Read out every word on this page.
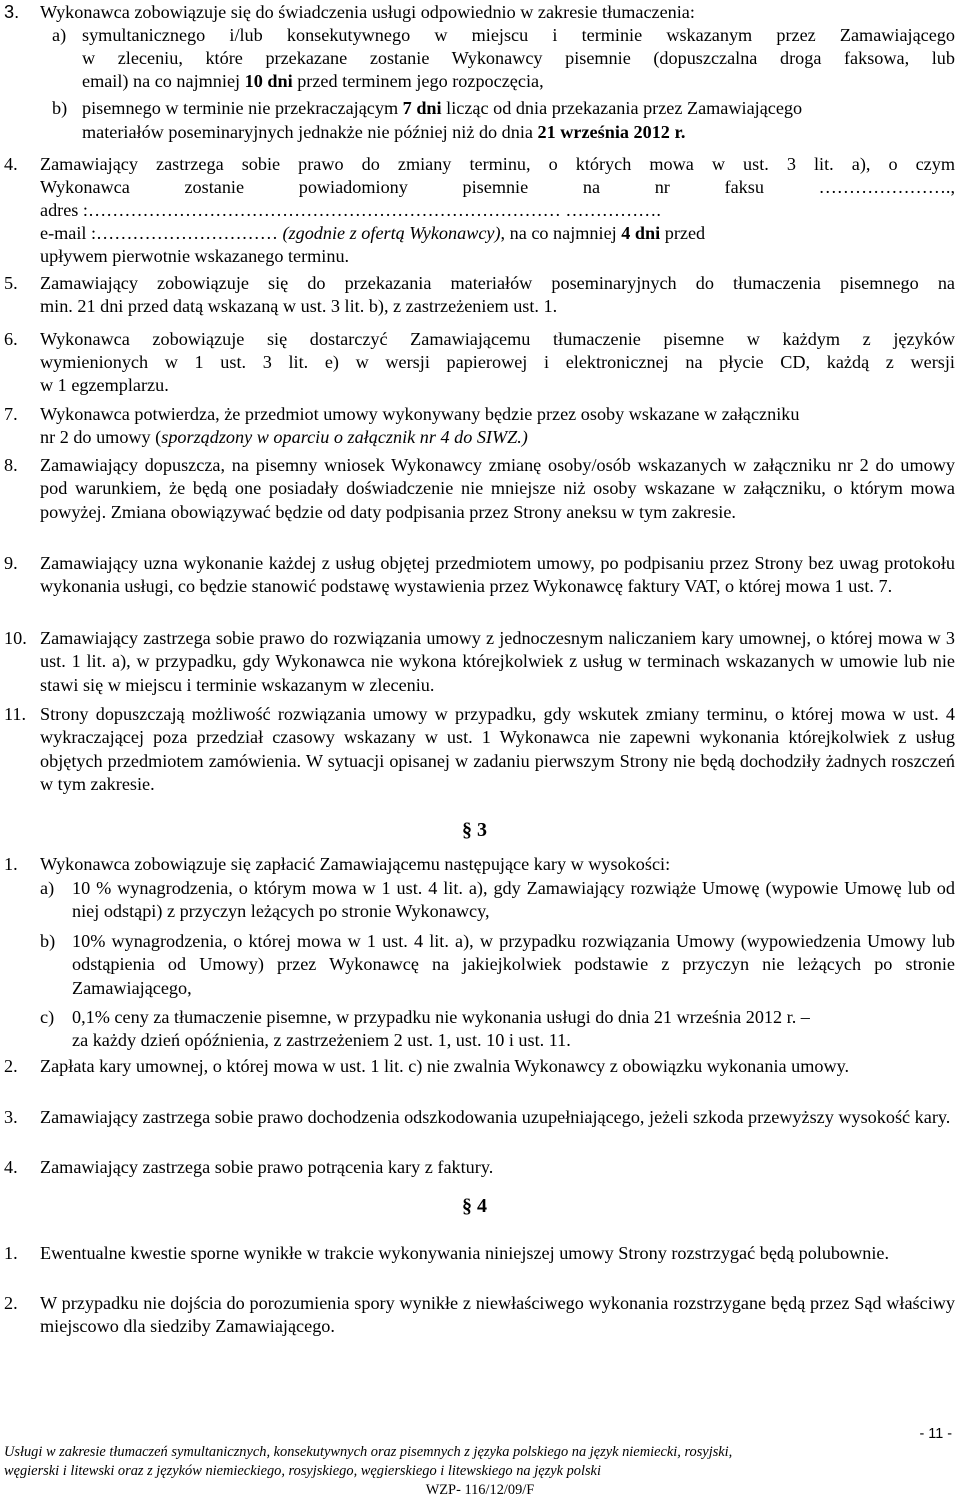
3. Wykonawca zobowiązuje się do świadczenia usługi odpowiednio w zakresie tłumaczenia:
a) symultanicznego i/lub konsekutywnego w miejscu i terminie wskazanym przez Zamawiającego
w zleceniu, które przekazane zostanie Wykonawcy pisemnie (dopuszczalna droga faksowa, lub
email) na co najmniej 10 dni przed terminem jego rozpoczęcia,
b) pisemnego w terminie nie przekraczającym 7 dni licząc od dnia przekazania przez Zamawiającego
materiałów poseminaryjnych jednakże nie później niż do dnia 21 września 2012 r.
4. Zamawiający zastrzega sobie prawo do zmiany terminu, o których mowa w ust. 3 lit. a), o czym
Wykonawca zostanie powiadomiony pisemnie na nr faksu ………………….,
adres :…………………………………………………………………… …………….
e-mail :………………………… (zgodnie z ofertą Wykonawcy), na co najmniej 4 dni przed
upływem pierwotnie wskazanego terminu.
5. Zamawiający zobowiązuje się do przekazania materiałów poseminaryjnych do tłumaczenia pisemnego na
min. 21 dni przed datą wskazaną w ust. 3 lit. b), z zastrzeżeniem ust. 1.
6. Wykonawca zobowiązuje się dostarczyć Zamawiającemu tłumaczenie pisemne w każdym z języków
wymienionych w 1 ust. 3 lit. e) w wersji papierowej i elektronicznej na płycie CD, każdą z wersji
w 1 egzemplarzu.
7. Wykonawca potwierdza, że przedmiot umowy wykonywany będzie przez osoby wskazane w załączniku
nr 2 do umowy (sporządzony w oparciu o załącznik nr 4 do SIWZ.)
8. Zamawiający dopuszcza, na pisemny wniosek Wykonawcy zmianę osoby/osób wskazanych w załączniku nr 2 do umowy pod warunkiem, że będą one posiadały doświadczenie nie mniejsze niż osoby wskazane w załączniku, o którym mowa powyżej. Zmiana obowiązywać będzie od daty podpisania przez Strony aneksu w tym zakresie.
9. Zamawiający uzna wykonanie każdej z usług objętej przedmiotem umowy, po podpisaniu przez Strony bez uwag protokołu wykonania usługi, co będzie stanowić podstawę wystawienia przez Wykonawcę faktury VAT, o której mowa 1 ust. 7.
10. Zamawiający zastrzega sobie prawo do rozwiązania umowy z jednoczesnym naliczaniem kary umownej, o której mowa w 3 ust. 1 lit. a), w przypadku, gdy Wykonawca nie wykona którejkolwiek z usług w terminach wskazanych w umowie lub nie stawi się w miejscu i terminie wskazanym w zleceniu.
11. Strony dopuszczają możliwość rozwiązania umowy w przypadku, gdy wskutek zmiany terminu, o której mowa w ust. 4 wykraczającej poza przedział czasowy wskazany w ust. 1 Wykonawca nie zapewni wykonania którejkolwiek z usług objętych przedmiotem zamówienia. W sytuacji opisanej w zadaniu pierwszym Strony nie będą dochodziły żadnych roszczeń w tym zakresie.
§ 3
1. Wykonawca zobowiązuje się zapłacić Zamawiającemu następujące kary w wysokości:
a) 10 % wynagrodzenia, o którym mowa w 1 ust. 4 lit. a), gdy Zamawiający rozwiąże Umowę (wypowie Umowę lub od niej odstąpi) z przyczyn leżących po stronie Wykonawcy,
b) 10% wynagrodzenia, o której mowa w 1 ust. 4 lit. a), w przypadku rozwiązania Umowy (wypowiedzenia Umowy lub odstąpienia od Umowy) przez Wykonawcę na jakiejkolwiek podstawie z przyczyn nie leżących po stronie Zamawiającego,
c) 0,1% ceny za tłumaczenie pisemne, w przypadku nie wykonania usługi do dnia 21 września 2012 r. –
za każdy dzień opóźnienia, z zastrzeżeniem 2 ust. 1, ust. 10 i ust. 11.
2. Zapłata kary umownej, o której mowa w ust. 1 lit. c) nie zwalnia Wykonawcy z obowiązku wykonania umowy.
3. Zamawiający zastrzega sobie prawo dochodzenia odszkodowania uzupełniającego, jeżeli szkoda przewyższy wysokość kary.
4. Zamawiający zastrzega sobie prawo potrącenia kary z faktury.
§ 4
1. Ewentualne kwestie sporne wynikłe w trakcie wykonywania niniejszej umowy Strony rozstrzygać będą polubownie.
2. W przypadku nie dojścia do porozumienia spory wynikłe z niewłaściwego wykonania rozstrzygane będą przez Sąd właściwy miejscowo dla siedziby Zamawiającego.
- 11 -
Usługi w zakresie tłumaczeń symultanicznych, konsekutywnych oraz pisemnych z języka polskiego na język niemiecki, rosyjski,
węgierski i litewski oraz z języków niemieckiego, rosyjskiego, węgierskiego i litewskiego na język polski
WZP- 116/12/09/F
